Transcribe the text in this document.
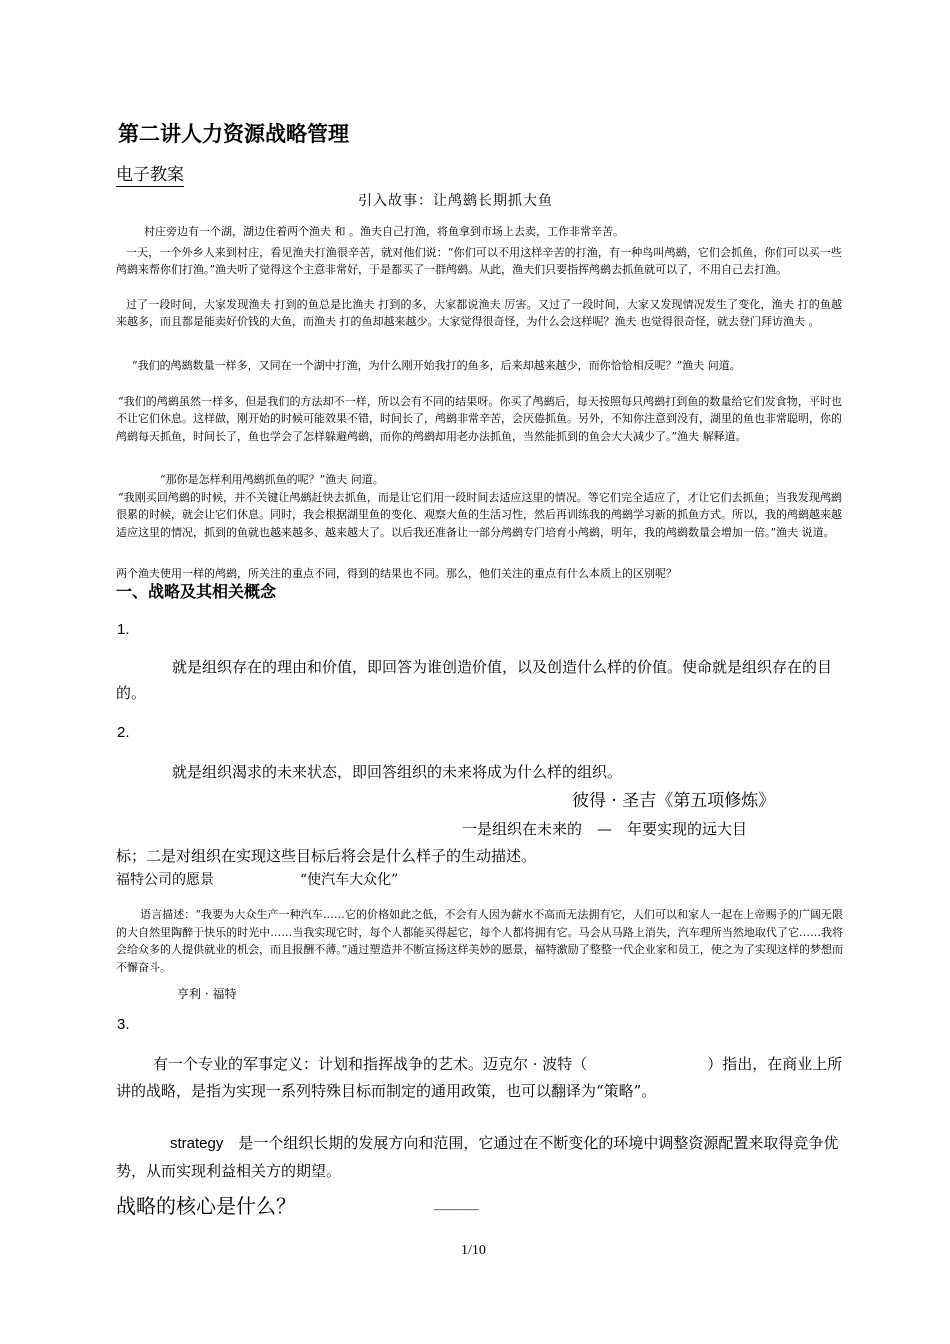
第二讲人力资源战略管理
电子教案
引入故事：让鸬鹚长期抓大鱼

村庄旁边有一个湖，湖边住着两个渔夫 和 。渔夫自己打渔，将鱼拿到市场上去卖，工作非常辛苦。

一天，一个外乡人来到村庄，看见渔夫打渔很辛苦，就对他们说：“你们可以不用这样辛苦的打渔，有一种鸟叫鸬鹚，它们会抓鱼，你们可以买一些鸬鹚来帮你们打渔。”渔夫听了觉得这个主意非常好，于是都买了一群鸬鹚。从此，渔夫们只要指挥鸬鹚去抓鱼就可以了，不用自己去打渔。

过了一段时间，大家发现渔夫 打到的鱼总是比渔夫 打到的多，大家都说渔夫 厉害。又过了一段时间，大家又发现情况发生了变化，渔夫 打的鱼越来越多，而且都是能卖好价钱的大鱼，而渔夫 打的鱼却越来越少。大家觉得很奇怪，为什么会这样呢？渔夫 也觉得很奇怪，就去登门拜访渔夫 。

“我们的鸬鹚数量一样多，又同在一个湖中打渔，为什么刚开始我打的鱼多，后来却越来越少，而你恰恰相反呢？”渔夫 问道。

“我们的鸬鹚虽然一样多，但是我们的方法却不一样，所以会有不同的结果呀。你买了鸬鹚后，每天按照每只鸬鹚打到鱼的数量给它们发食物，平时也不让它们休息。这样做，刚开始的时候可能效果不错，时间长了，鸬鹚非常辛苦，会厌倦抓鱼。另外，不知你注意到没有，湖里的鱼也非常聪明，你的鸬鹚每天抓鱼，时间长了，鱼也学会了怎样躲避鸬鹚，而你的鸬鹚却用老办法抓鱼，当然能抓到的鱼会大大减少了。”渔夫 解释道。

“那你是怎样利用鸬鹚抓鱼的呢？”渔夫 问道。

“我刚买回鸬鹚的时候，并不关键让鸬鹚赶快去抓鱼，而是让它们用一段时间去适应这里的情况。等它们完全适应了，才让它们去抓鱼；当我发现鸬鹚很累的时候，就会让它们休息。同时，我会根据湖里鱼的变化、观察大鱼的生活习性，然后再训练我的鸬鹚学习新的抓鱼方式。所以，我的鸬鹚越来越适应这里的情况，抓到的鱼就也越来越多、越来越大了。以后我还准备让一部分鸬鹚专门培育小鸬鹚，明年，我的鸬鹚数量会增加一倍。”渔夫 说道。

两个渔夫使用一样的鸬鹚，所关注的重点不同，得到的结果也不同。那么，他们关注的重点有什么本质上的区别呢？

一、战略及其相关概念
1.

就是组织存在的理由和价值，即回答为谁创造价值，以及创造什么样的价值。使命就是组织存在的目的。

2.

就是组织渴求的未来状态，即回答组织的未来将成为什么样的组织。

彼得 · 圣吉《第五项修炼》
一是组织在未来的　—　年要实现的远大目
标；二是对组织在实现这些目标后将会是什么样子的生动描述。
福特公司的愿景	“使汽车大众化”

语言描述：“我要为大众生产一种汽车……它的价格如此之低，不会有人因为薪水不高而无法拥有它，人们可以和家人一起在上帝赐予的广阔无限的大自然里陶醉于快乐的时光中……当我实现它时，每个人都能买得起它，每个人都将拥有它。马会从马路上消失，汽车理所当然地取代了它……我将会给众多的人提供就业的机会，而且报酬不薄。”通过塑造并不断宣扬这样美妙的愿景，福特激励了整整一代企业家和员工，使之为了实现这样的梦想而不懈奋斗。

亨利 · 福特
3.

有一个专业的军事定义：计划和指挥战争的艺术。迈克尔 · 波特（　　　　　　　　）指出，在商业上所讲的战略，是指为实现一系列特殊目标而制定的通用政策，也可以翻译为“策略”。

strategy　 是一个组织长期的发展方向和范围，它通过在不断变化的环境中调整资源配置来取得竞争优势，从而实现利益相关方的期望。

战略的核心是什么？	_____
1/10
